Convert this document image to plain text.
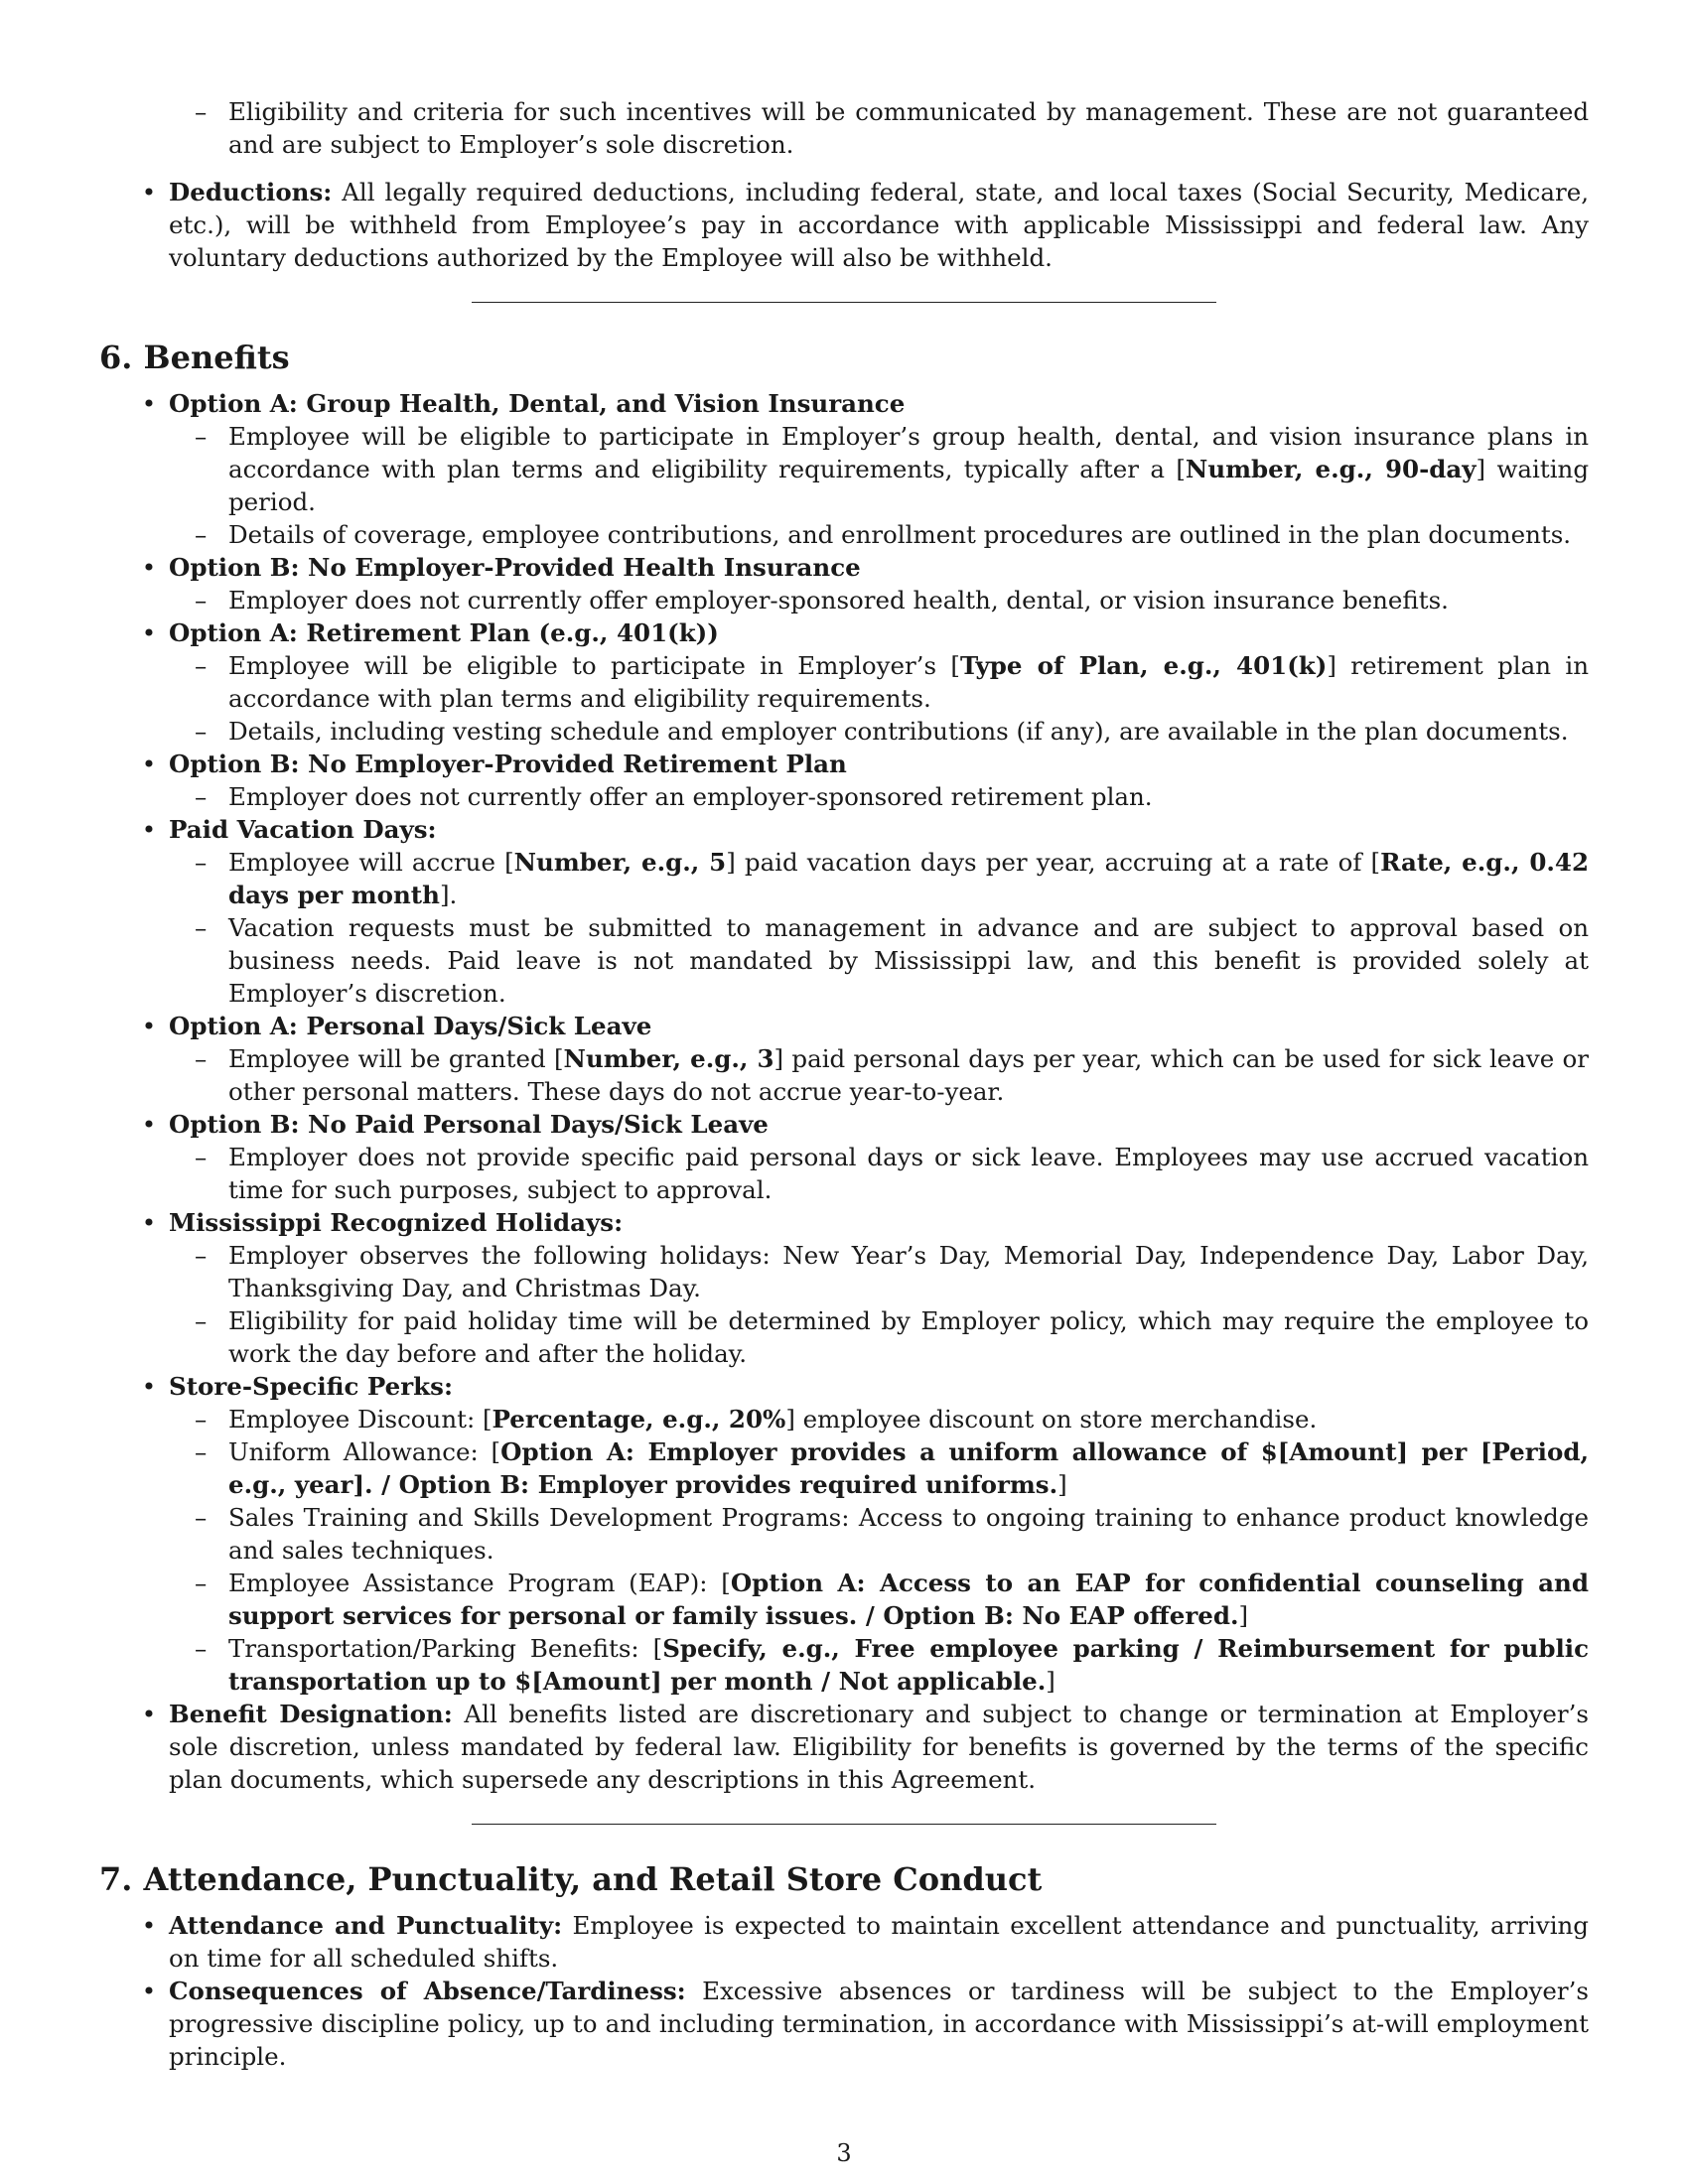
– Eligibility and criteria for such incentives will be communicated by management. These are not guaranteed and are subject to Employer’s sole discretion.
• Deductions: All legally required deductions, including federal, state, and local taxes (Social Security, Medicare, etc.), will be withheld from Employee’s pay in accordance with applicable Mississippi and federal law. Any voluntary deductions authorized by the Employee will also be withheld.
6. Benefits
• Option A: Group Health, Dental, and Vision Insurance
– Employee will be eligible to participate in Employer’s group health, dental, and vision insurance plans in accordance with plan terms and eligibility requirements, typically after a [Number, e.g., 90-day] waiting period.
– Details of coverage, employee contributions, and enrollment procedures are outlined in the plan documents.
• Option B: No Employer-Provided Health Insurance
– Employer does not currently offer employer-sponsored health, dental, or vision insurance benefits.
• Option A: Retirement Plan (e.g., 401(k))
– Employee will be eligible to participate in Employer’s [Type of Plan, e.g., 401(k)] retirement plan in accordance with plan terms and eligibility requirements.
– Details, including vesting schedule and employer contributions (if any), are available in the plan documents.
• Option B: No Employer-Provided Retirement Plan
– Employer does not currently offer an employer-sponsored retirement plan.
• Paid Vacation Days:
– Employee will accrue [Number, e.g., 5] paid vacation days per year, accruing at a rate of [Rate, e.g., 0.42 days per month].
– Vacation requests must be submitted to management in advance and are subject to approval based on business needs. Paid leave is not mandated by Mississippi law, and this benefit is provided solely at Employer’s discretion.
• Option A: Personal Days/Sick Leave
– Employee will be granted [Number, e.g., 3] paid personal days per year, which can be used for sick leave or other personal matters. These days do not accrue year-to-year.
• Option B: No Paid Personal Days/Sick Leave
– Employer does not provide specific paid personal days or sick leave. Employees may use accrued vacation time for such purposes, subject to approval.
• Mississippi Recognized Holidays:
– Employer observes the following holidays: New Year’s Day, Memorial Day, Independence Day, Labor Day, Thanksgiving Day, and Christmas Day.
– Eligibility for paid holiday time will be determined by Employer policy, which may require the employee to work the day before and after the holiday.
• Store-Specific Perks:
– Employee Discount: [Percentage, e.g., 20%] employee discount on store merchandise.
– Uniform Allowance: [Option A: Employer provides a uniform allowance of $[Amount] per [Period, e.g., year]. / Option B: Employer provides required uniforms.]
– Sales Training and Skills Development Programs: Access to ongoing training to enhance product knowledge and sales techniques.
– Employee Assistance Program (EAP): [Option A: Access to an EAP for confidential counseling and support services for personal or family issues. / Option B: No EAP offered.]
– Transportation/Parking Benefits: [Specify, e.g., Free employee parking / Reimbursement for public transportation up to $[Amount] per month / Not applicable.]
• Benefit Designation: All benefits listed are discretionary and subject to change or termination at Employer’s sole discretion, unless mandated by federal law. Eligibility for benefits is governed by the terms of the specific plan documents, which supersede any descriptions in this Agreement.
7. Attendance, Punctuality, and Retail Store Conduct
• Attendance and Punctuality: Employee is expected to maintain excellent attendance and punctuality, arriving on time for all scheduled shifts.
• Consequences of Absence/Tardiness: Excessive absences or tardiness will be subject to the Employer’s progressive discipline policy, up to and including termination, in accordance with Mississippi’s at-will employment principle.
3
